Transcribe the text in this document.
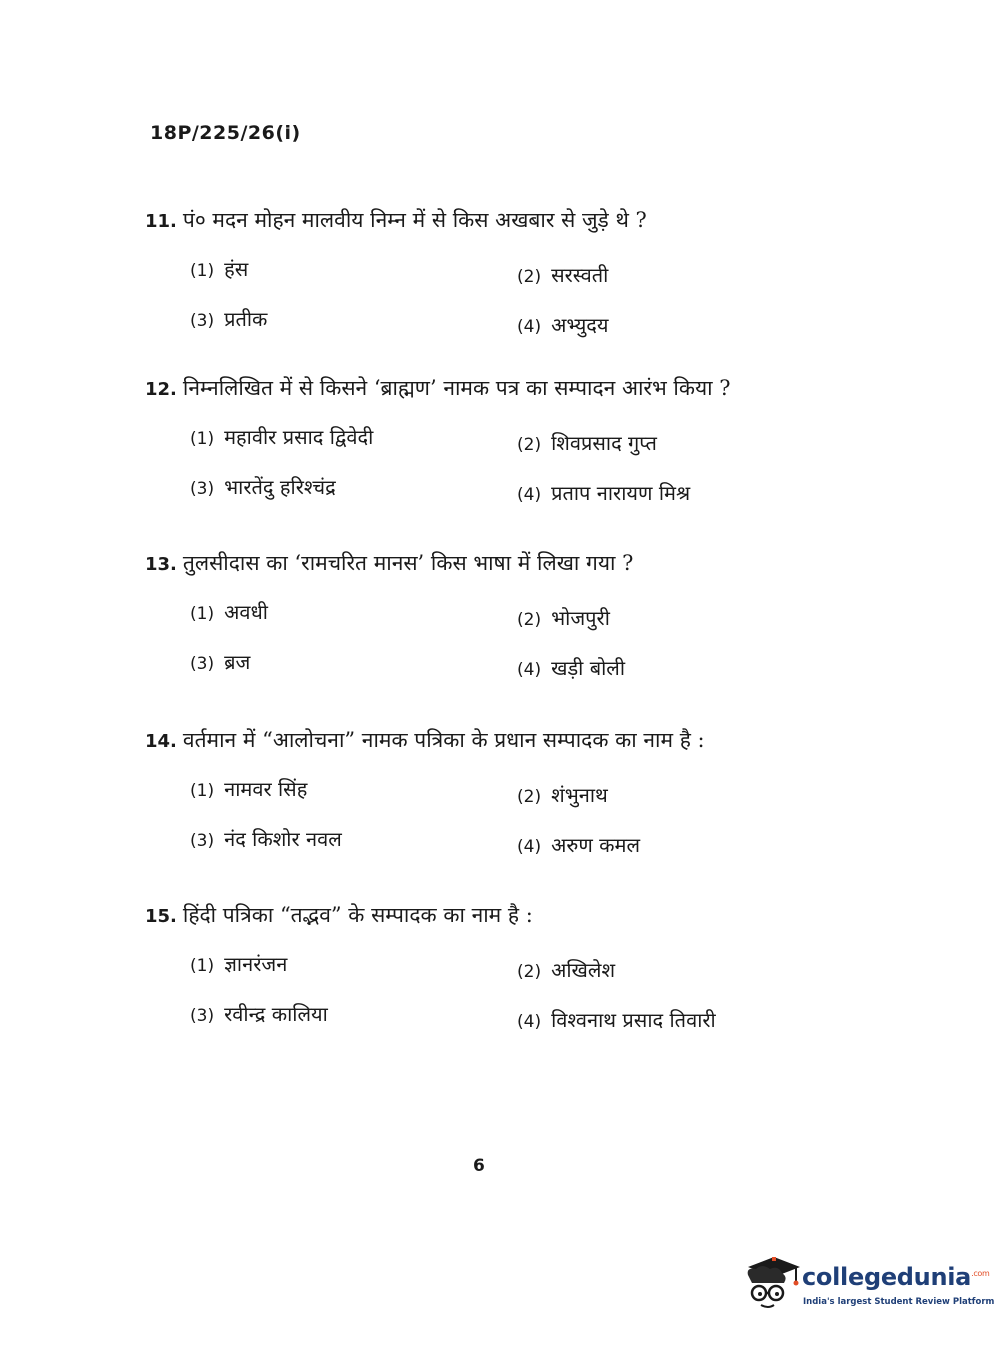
18P/225/26(i)
11. पं० मदन मोहन मालवीय निम्न में से किस अखबार से जुड़े थे ?
(1) हंस	(2) सरस्वती
(3) प्रतीक	(4) अभ्युदय
12. निम्नलिखित में से किसने ‘ब्राह्मण’ नामक पत्र का सम्पादन आरंभ किया ?
(1) महावीर प्रसाद द्विवेदी	(2) शिवप्रसाद गुप्त
(3) भारतेंदु हरिश्चंद्र	(4) प्रताप नारायण मिश्र
13. तुलसीदास का ‘रामचरित मानस’ किस भाषा में लिखा गया ?
(1) अवधी	(2) भोजपुरी
(3) ब्रज	(4) खड़ी बोली
14. वर्तमान में “आलोचना” नामक पत्रिका के प्रधान सम्पादक का नाम है :
(1) नामवर सिंह	(2) शंभुनाथ
(3) नंद किशोर नवल	(4) अरुण कमल
15. हिंदी पत्रिका “तद्भव” के सम्पादक का नाम है :
(1) ज्ञानरंजन	(2) अखिलेश
(3) रवीन्द्र कालिया	(4) विश्वनाथ प्रसाद तिवारी
6
collegedunia$^{.com}$
India's largest Student Review Platform
